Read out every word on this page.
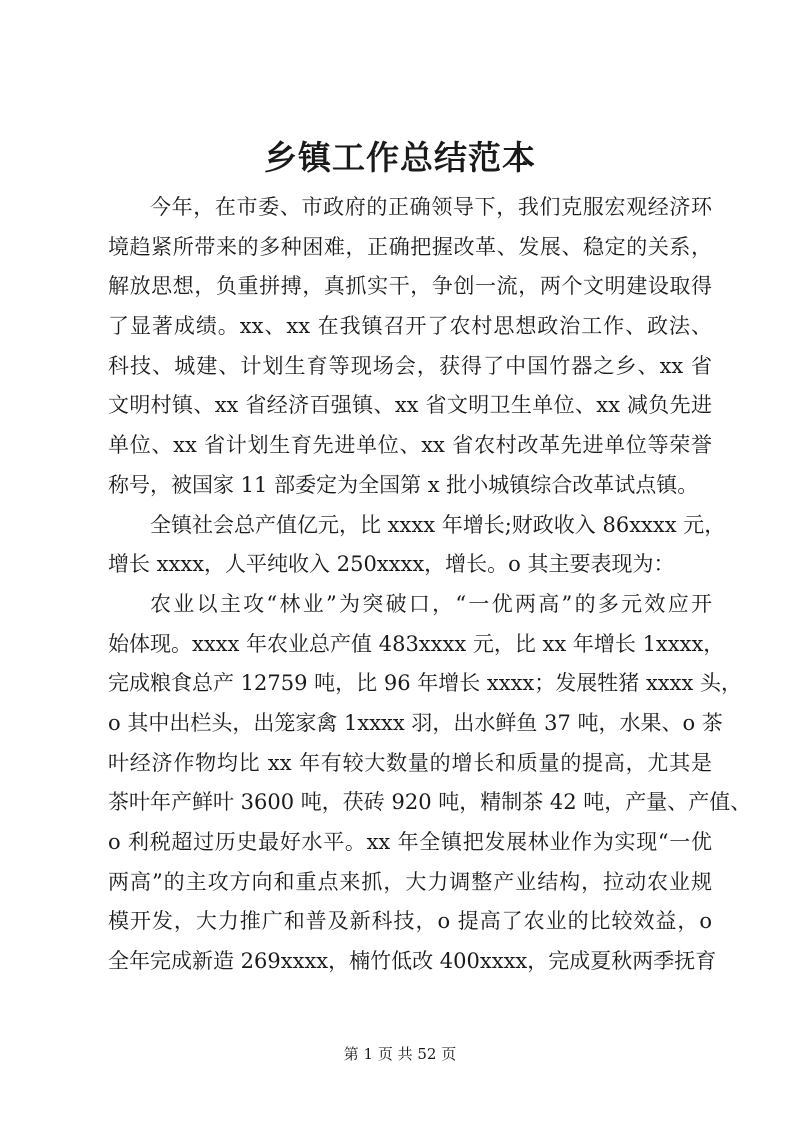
乡镇工作总结范本
今年，在市委、市政府的正确领导下，我们克服宏观经济环
境趋紧所带来的多种困难，正确把握改革、发展、稳定的关系，
解放思想，负重拼搏，真抓实干，争创一流，两个文明建设取得
了显著成绩。xx、xx 在我镇召开了农村思想政治工作、政法、
科技、城建、计划生育等现场会，获得了中国竹器之乡、xx 省
文明村镇、xx 省经济百强镇、xx 省文明卫生单位、xx 减负先进
单位、xx 省计划生育先进单位、xx 省农村改革先进单位等荣誉
称号，被国家 11 部委定为全国第 x 批小城镇综合改革试点镇。
全镇社会总产值亿元，比 xxxx 年增长;财政收入 86xxxx 元，
增长 xxxx，人平纯收入 250xxxx，增长。o 其主要表现为：
农业以主攻“林业”为突破口，“一优两高”的多元效应开
始体现。xxxx 年农业总产值 483xxxx 元，比 xx 年增长 1xxxx，
完成粮食总产 12759 吨，比 96 年增长 xxxx；发展牲猪 xxxx 头，
o 其中出栏头，出笼家禽 1xxxx 羽，出水鲜鱼 37 吨，水果、o 茶
叶经济作物均比 xx 年有较大数量的增长和质量的提高，尤其是
茶叶年产鲜叶 3600 吨，茯砖 920 吨，精制茶 42 吨，产量、产值、
o 利税超过历史最好水平。xx 年全镇把发展林业作为实现“一优
两高”的主攻方向和重点来抓，大力调整产业结构，拉动农业规
模开发，大力推广和普及新科技，o 提高了农业的比较效益，o
全年完成新造 269xxxx，楠竹低改 400xxxx，完成夏秋两季抚育
第 1 页 共 52 页
